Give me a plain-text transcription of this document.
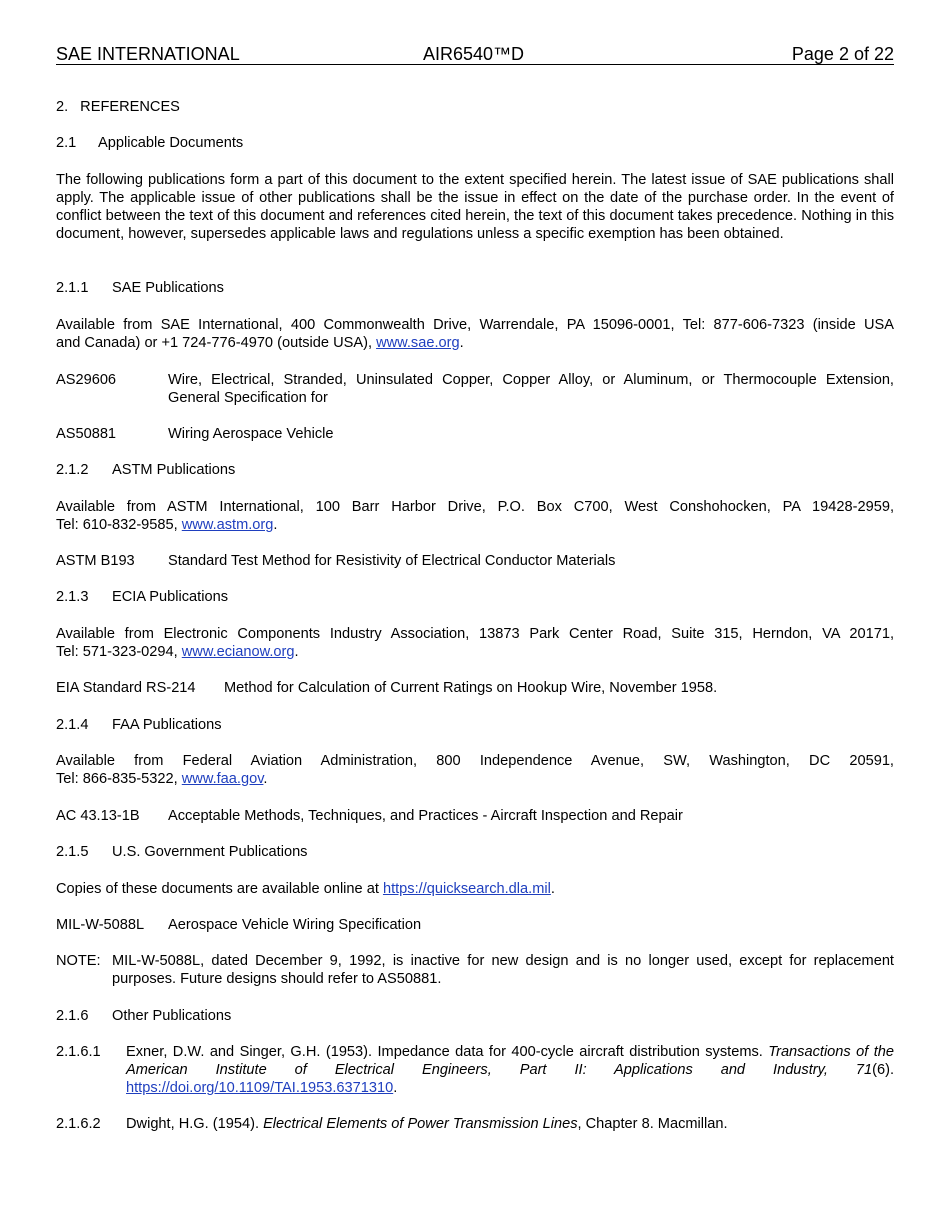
SAE INTERNATIONAL	AIR6540™D	Page 2 of 22
2. REFERENCES
2.1 Applicable Documents
The following publications form a part of this document to the extent specified herein. The latest issue of SAE publications shall apply. The applicable issue of other publications shall be the issue in effect on the date of the purchase order. In the event of conflict between the text of this document and references cited herein, the text of this document takes precedence. Nothing in this document, however, supersedes applicable laws and regulations unless a specific exemption has been obtained.
2.1.1 SAE Publications
Available from SAE International, 400 Commonwealth Drive, Warrendale, PA 15096-0001, Tel: 877-606-7323 (inside USA
and Canada) or +1 724-776-4970 (outside USA), www.sae.org.
AS29606	Wire, Electrical, Stranded, Uninsulated Copper, Copper Alloy, or Aluminum, or Thermocouple Extension, General Specification for
AS50881	Wiring Aerospace Vehicle
2.1.2 ASTM Publications
Available from ASTM International, 100 Barr Harbor Drive, P.O. Box C700, West Conshohocken, PA 19428-2959,
Tel: 610-832-9585, www.astm.org.
ASTM B193 Standard Test Method for Resistivity of Electrical Conductor Materials
2.1.3 ECIA Publications
Available from Electronic Components Industry Association, 13873 Park Center Road, Suite 315, Herndon, VA 20171,
Tel: 571-323-0294, www.ecianow.org.
EIA Standard RS-214 Method for Calculation of Current Ratings on Hookup Wire, November 1958.
2.1.4 FAA Publications
Available from Federal Aviation Administration, 800 Independence Avenue, SW, Washington, DC 20591,
Tel: 866-835-5322, www.faa.gov.
AC 43.13-1B Acceptable Methods, Techniques, and Practices - Aircraft Inspection and Repair
2.1.5 U.S. Government Publications
Copies of these documents are available online at https://quicksearch.dla.mil.
MIL-W-5088L Aerospace Vehicle Wiring Specification
NOTE: MIL-W-5088L, dated December 9, 1992, is inactive for new design and is no longer used, except for replacement purposes. Future designs should refer to AS50881.
2.1.6 Other Publications
2.1.6.1 Exner, D.W. and Singer, G.H. (1953). Impedance data for 400-cycle aircraft distribution systems. Transactions of the American Institute of Electrical Engineers, Part II: Applications and Industry, 71(6). https://doi.org/10.1109/TAI.1953.6371310.
2.1.6.2 Dwight, H.G. (1954). Electrical Elements of Power Transmission Lines, Chapter 8. Macmillan.
